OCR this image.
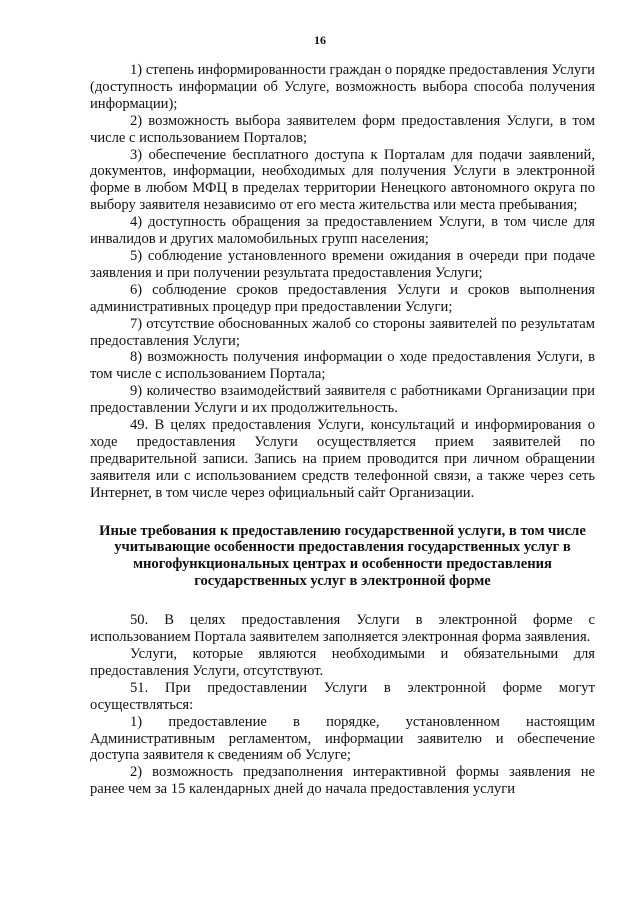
16

1) степень информированности граждан о порядке предоставления Услуги (доступность информации об Услуге, возможность выбора способа получения информации);

2) возможность выбора заявителем форм предоставления Услуги, в том числе с использованием Порталов;

3) обеспечение бесплатного доступа к Порталам для подачи заявлений, документов, информации, необходимых для получения Услуги в электронной форме в любом МФЦ в пределах территории Ненецкого автономного округа по выбору заявителя независимо от его места жительства или места пребывания;

4) доступность обращения за предоставлением Услуги, в том числе для инвалидов и других маломобильных групп населения;

5) соблюдение установленного времени ожидания в очереди при подаче заявления и при получении результата предоставления Услуги;

6) соблюдение сроков предоставления Услуги и сроков выполнения административных процедур при предоставлении Услуги;

7) отсутствие обоснованных жалоб со стороны заявителей по результатам предоставления Услуги;

8) возможность получения информации о ходе предоставления Услуги, в том числе с использованием Портала;

9) количество взаимодействий заявителя с работниками Организации при предоставлении Услуги и их продолжительность.

49. В целях предоставления Услуги, консультаций и информирования о ходе предоставления Услуги осуществляется прием заявителей по предварительной записи. Запись на прием проводится при личном обращении заявителя или с использованием средств телефонной связи, а также через сеть Интернет, в том числе через официальный сайт Организации.

Иные требования к предоставлению государственной услуги, в том числе учитывающие особенности предоставления государственных услуг в многофункциональных центрах и особенности предоставления государственных услуг в электронной форме

50. В целях предоставления Услуги в электронной форме с использованием Портала заявителем заполняется электронная форма заявления.

Услуги, которые являются необходимыми и обязательными для предоставления Услуги, отсутствуют.

51. При предоставлении Услуги в электронной форме могут осуществляться:

1) предоставление в порядке, установленном настоящим Административным регламентом, информации заявителю и обеспечение доступа заявителя к сведениям об Услуге;

2) возможность предзаполнения интерактивной формы заявления не ранее чем за 15 календарных дней до начала предоставления услуги
